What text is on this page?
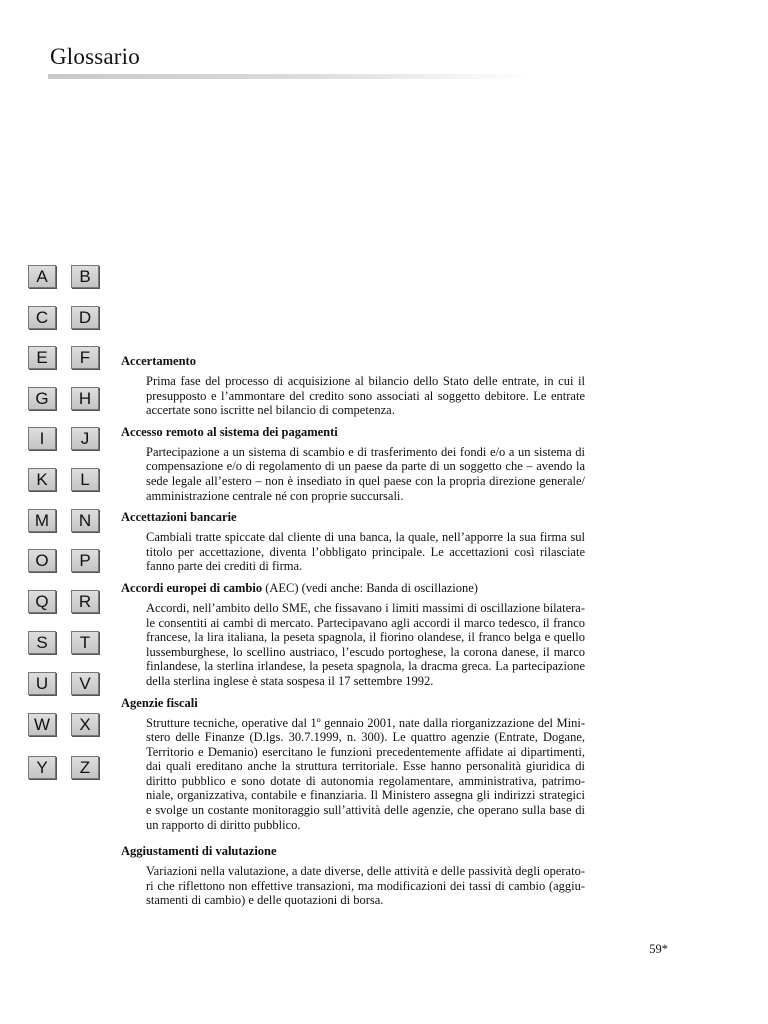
Glossario
A	B
C	D
E	F
G	H
I	J
K	L
M	N
O	P
Q	R
S	T
U	V
W	X
Y	Z
Accertamento

Prima fase del processo di acquisizione al bilancio dello Stato delle entrate, in cui il presupposto e l’ammontare del credito sono associati al soggetto debitore. Le entrate accertate sono iscritte nel bilancio di competenza.

Accesso remoto al sistema dei pagamenti

Partecipazione a un sistema di scambio e di trasferimento dei fondi e/o a un sistema di compensazione e/o di regolamento di un paese da parte di un soggetto che – avendo la sede legale all’estero – non è insediato in quel paese con la propria direzione generale/ amministrazione centrale né con proprie succursali.

Accettazioni bancarie

Cambiali tratte spiccate dal cliente di una banca, la quale, nell’apporre la sua firma sul titolo per accettazione, diventa l’obbligato principale. Le accettazioni così rilasciate fanno parte dei crediti di firma.

Accordi europei di cambio (AEC) (vedi anche: Banda di oscillazione)

Accordi, nell’ambito dello SME, che fissavano i limiti massimi di oscillazione bilatera-le consentiti ai cambi di mercato. Partecipavano agli accordi il marco tedesco, il franco francese, la lira italiana, la peseta spagnola, il fiorino olandese, il franco belga e quello lussemburghese, lo scellino austriaco, l’escudo portoghese, la corona danese, il marco finlandese, la sterlina irlandese, la peseta spagnola, la dracma greca. La partecipazione della sterlina inglese è stata sospesa il 17 settembre 1992.

Agenzie fiscali

Strutture tecniche, operative dal 1º gennaio 2001, nate dalla riorganizzazione del Mini-stero delle Finanze (D.lgs. 30.7.1999, n. 300). Le quattro agenzie (Entrate, Dogane, Territorio e Demanio) esercitano le funzioni precedentemente affidate ai dipartimenti, dai quali ereditano anche la struttura territoriale. Esse hanno personalità giuridica di diritto pubblico e sono dotate di autonomia regolamentare, amministrativa, patrimo-niale, organizzativa, contabile e finanziaria. Il Ministero assegna gli indirizzi strategici e svolge un costante monitoraggio sull’attività delle agenzie, che operano sulla base di un rapporto di diritto pubblico.

Aggiustamenti di valutazione

Variazioni nella valutazione, a date diverse, delle attività e delle passività degli operato-ri che riflettono non effettive transazioni, ma modificazioni dei tassi di cambio (aggiu-stamenti di cambio) e delle quotazioni di borsa.

59*
